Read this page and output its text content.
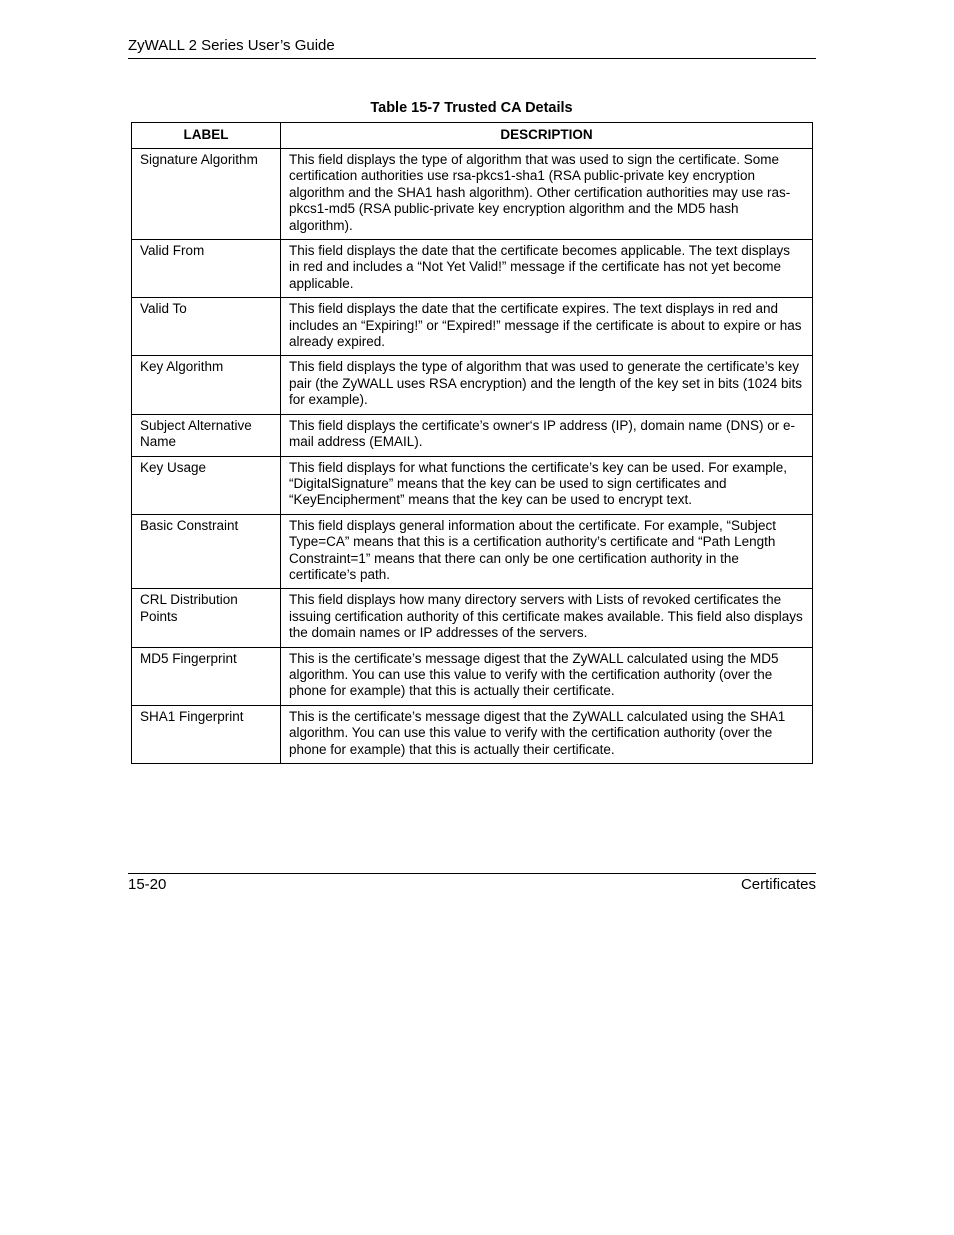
ZyWALL 2 Series User’s Guide
Table 15-7 Trusted CA Details
LABEL	DESCRIPTION
Signature Algorithm	This field displays the type of algorithm that was used to sign the certificate. Some certification authorities use rsa-pkcs1-sha1 (RSA public-private key encryption algorithm and the SHA1 hash algorithm). Other certification authorities may use ras-pkcs1-md5 (RSA public-private key encryption algorithm and the MD5 hash algorithm).
Valid From	This field displays the date that the certificate becomes applicable. The text displays in red and includes a “Not Yet Valid!” message if the certificate has not yet become applicable.
Valid To	This field displays the date that the certificate expires. The text displays in red and includes an “Expiring!” or “Expired!” message if the certificate is about to expire or has already expired.
Key Algorithm	This field displays the type of algorithm that was used to generate the certificate’s key pair (the ZyWALL uses RSA encryption) and the length of the key set in bits (1024 bits for example).
Subject Alternative Name	This field displays the certificate’s owner‘s IP address (IP), domain name (DNS) or e-mail address (EMAIL).
Key Usage	This field displays for what functions the certificate’s key can be used. For example, “DigitalSignature” means that the key can be used to sign certificates and “KeyEncipherment” means that the key can be used to encrypt text.
Basic Constraint	This field displays general information about the certificate. For example, “Subject Type=CA” means that this is a certification authority’s certificate and “Path Length Constraint=1” means that there can only be one certification authority in the certificate’s path.
CRL Distribution Points	This field displays how many directory servers with Lists of revoked certificates the issuing certification authority of this certificate makes available. This field also displays the domain names or IP addresses of the servers.
MD5 Fingerprint	This is the certificate’s message digest that the ZyWALL calculated using the MD5 algorithm. You can use this value to verify with the certification authority (over the phone for example) that this is actually their certificate.
SHA1 Fingerprint	This is the certificate’s message digest that the ZyWALL calculated using the SHA1 algorithm. You can use this value to verify with the certification authority (over the phone for example) that this is actually their certificate.
15-20	Certificates
